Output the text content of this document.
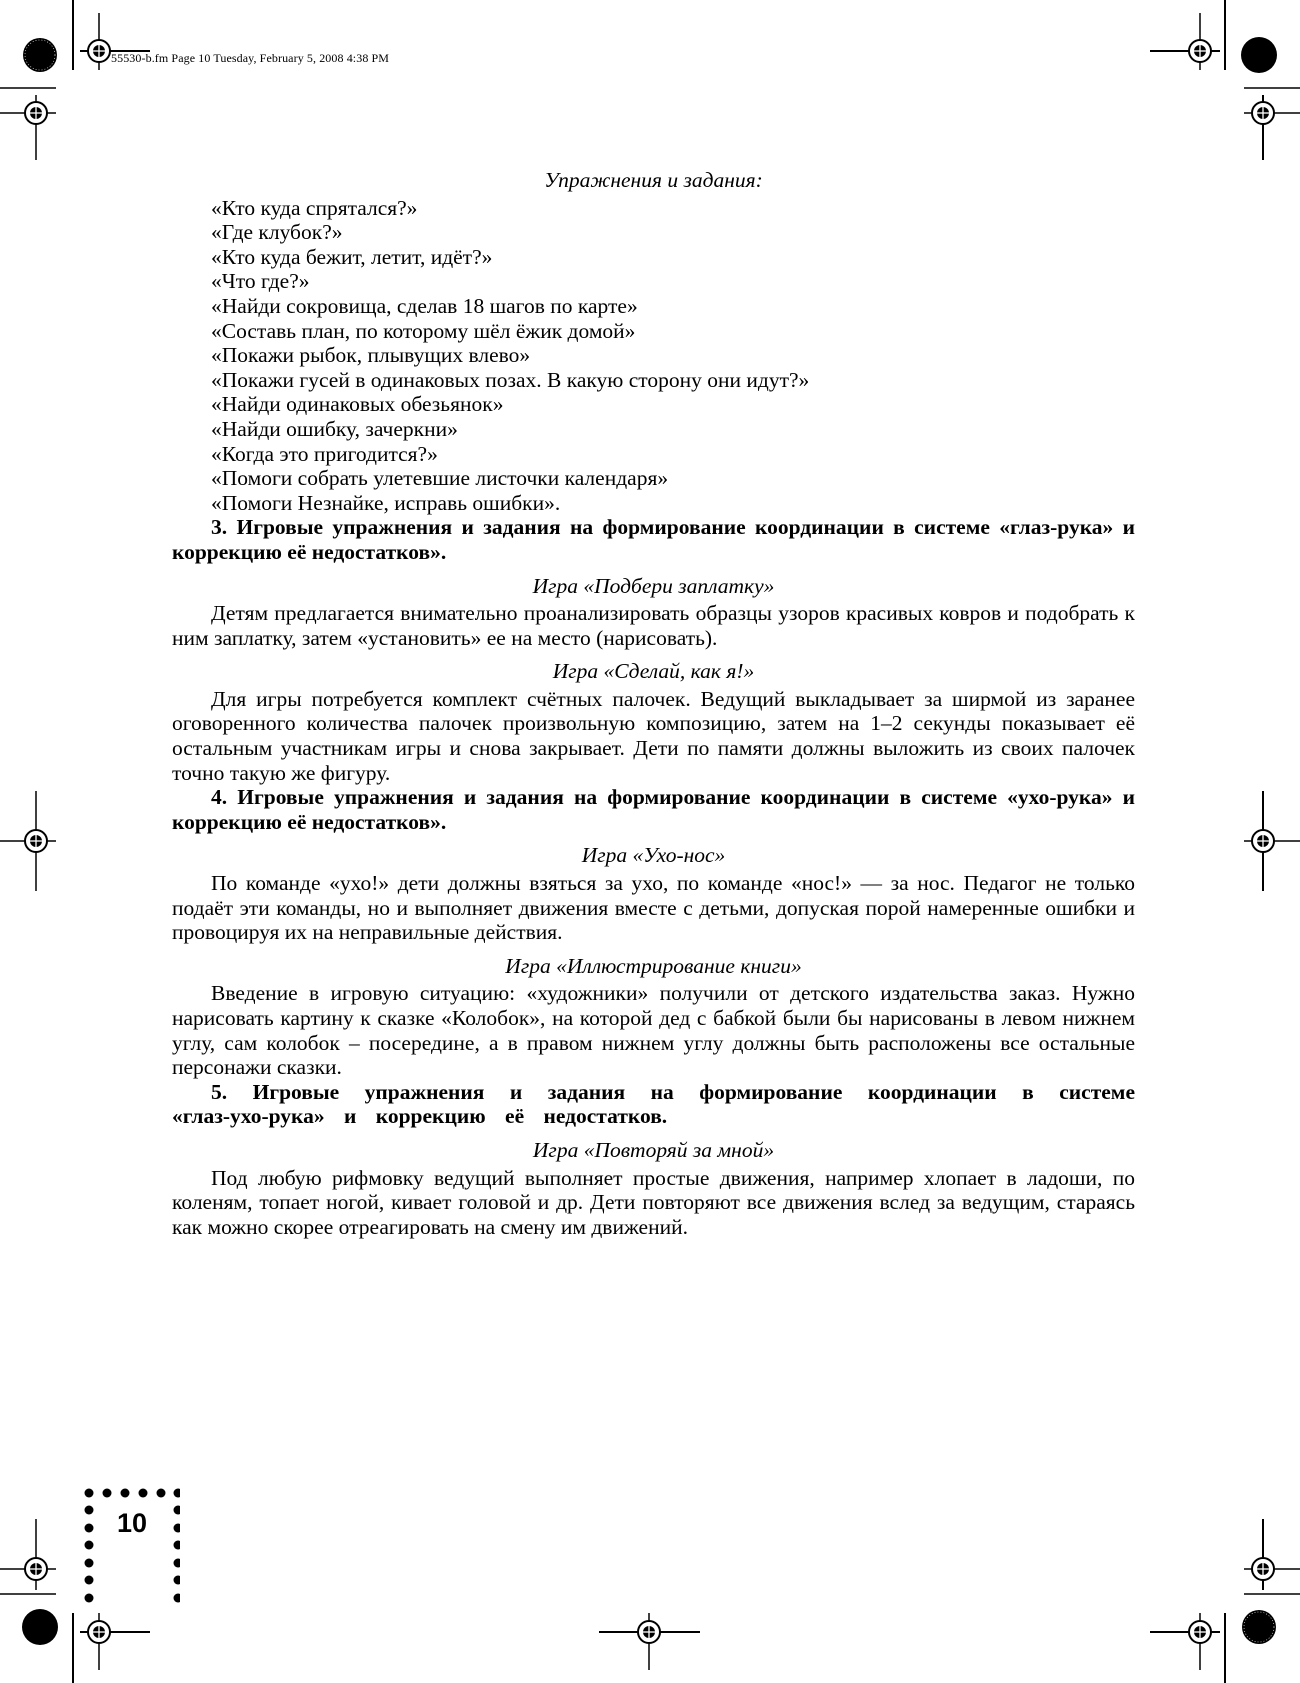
55530-b.fm Page 10 Tuesday, February 5, 2008 4:38 PM

Упражнения и задания:

«Кто куда спрятался?»
«Где клубок?»
«Кто куда бежит, летит, идёт?»
«Что где?»
«Найди сокровища, сделав 18 шагов по карте»
«Составь план, по которому шёл ёжик домой»
«Покажи рыбок, плывущих влево»
«Покажи гусей в одинаковых позах. В какую сторону они идут?»
«Найди одинаковых обезьянок»
«Найди ошибку, зачеркни»
«Когда это пригодится?»
«Помоги собрать улетевшие листочки календаря»
«Помоги Незнайке, исправь ошибки».

3. Игровые упражнения и задания на формирование координации в системе «глаз-рука» и коррекцию её недостатков».

Игра «Подбери заплатку»

Детям предлагается внимательно проанализировать образцы узоров красивых ковров и подобрать к ним заплатку, затем «установить» ее на место (нарисовать).

Игра «Сделай, как я!»

Для игры потребуется комплект счётных палочек. Ведущий выкладывает за ширмой из заранее оговоренного количества палочек произвольную композицию, затем на 1–2 секунды показывает её остальным участникам игры и снова закрывает. Дети по памяти должны выложить из своих палочек точно такую же фигуру.

4. Игровые упражнения и задания на формирование координации в системе «ухо-рука» и коррекцию её недостатков».

Игра «Ухо-нос»

По команде «ухо!» дети должны взяться за ухо, по команде «нос!» — за нос. Педагог не только подаёт эти команды, но и выполняет движения вместе с детьми, допуская порой намеренные ошибки и провоцируя их на неправильные действия.

Игра «Иллюстрирование книги»

Введение в игровую ситуацию: «художники» получили от детского издательства заказ. Нужно нарисовать картину к сказке «Колобок», на которой дед с бабкой были бы нарисованы в левом нижнем углу, сам колобок – посередине, а в правом нижнем углу должны быть расположены все остальные персонажи сказки.

5. Игровые упражнения и задания на формирование координации в системе «глаз-ухо-рука» и коррекцию её недостатков.

Игра «Повторяй за мной»

Под любую рифмовку ведущий выполняет простые движения, например хлопает в ладоши, по коленям, топает ногой, кивает головой и др. Дети повторяют все движения вслед за ведущим, стараясь как можно скорее отреагировать на смену им движений.

10
